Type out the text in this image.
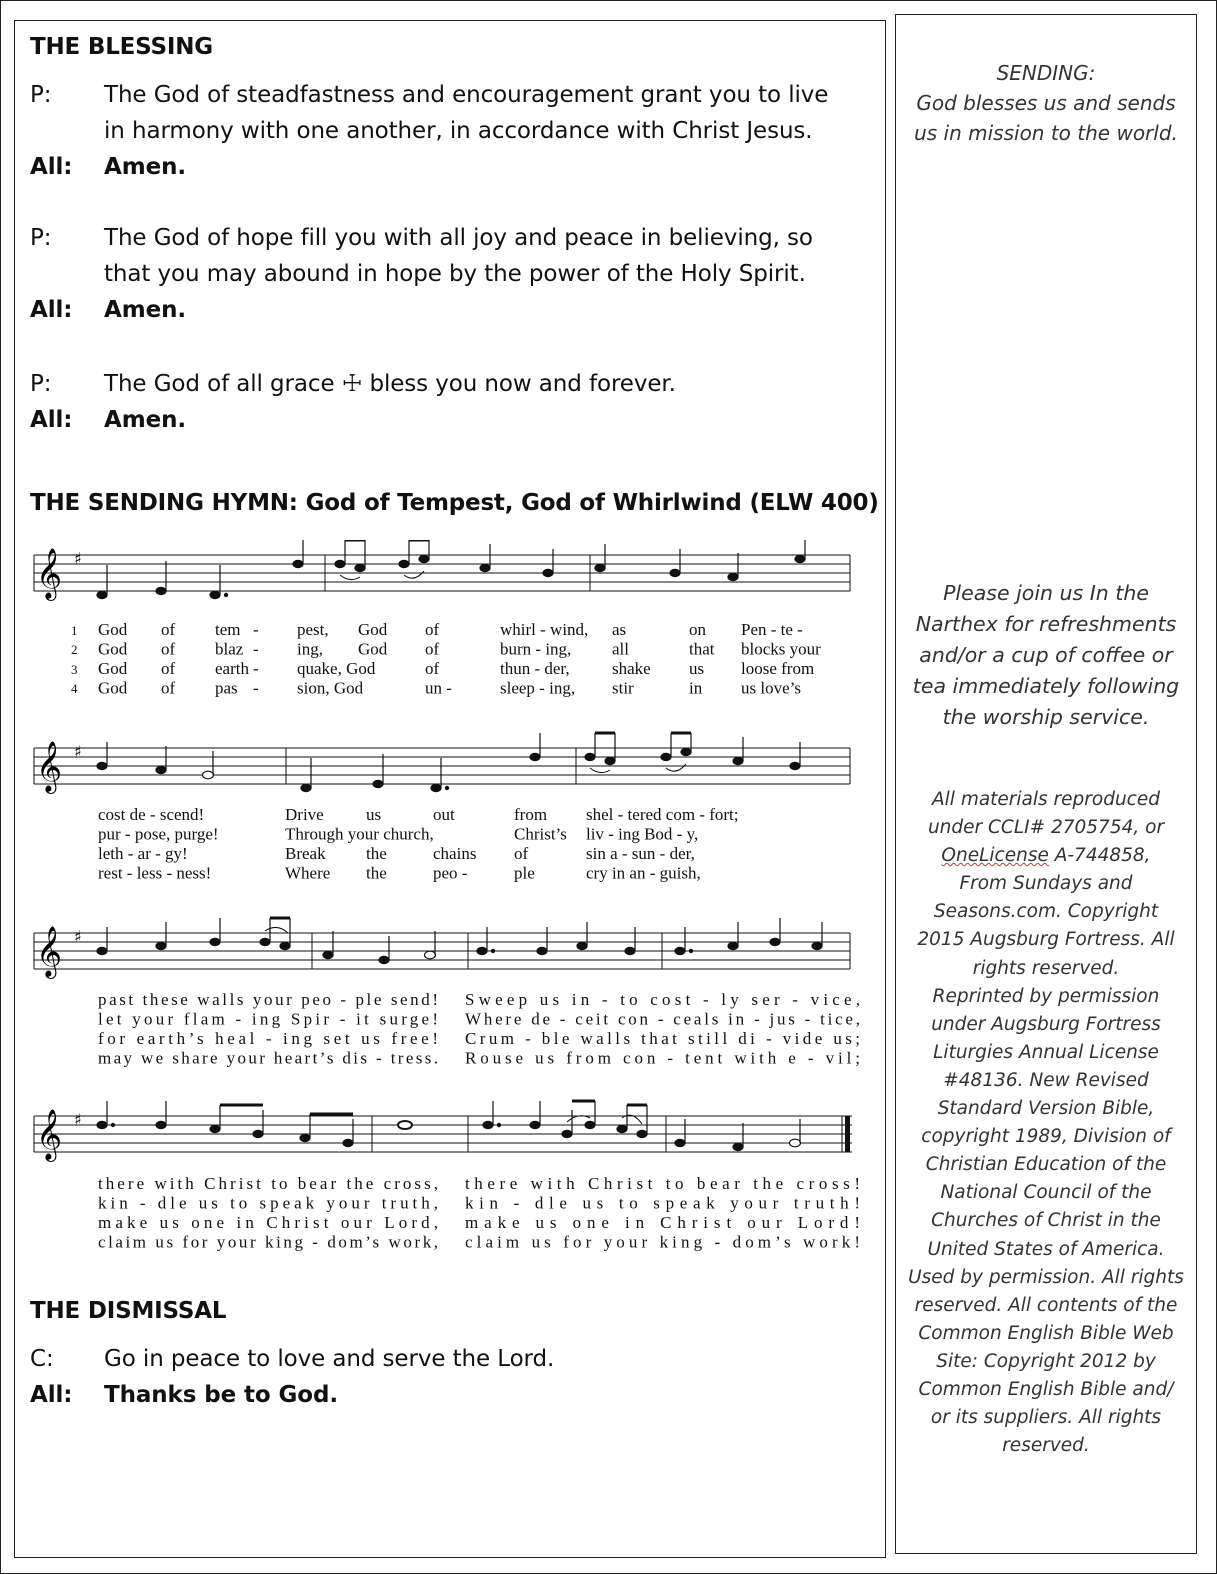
THE BLESSING
P: The God of steadfastness and encouragement grant you to live
in harmony with one another, in accordance with Christ Jesus.
All: Amen.
P: The God of hope fill you with all joy and peace in believing, so
that you may abound in hope by the power of the Holy Spirit.
All: Amen.
P: The God of all grace ☩ bless you now and forever.
All: Amen.
THE SENDING HYMN: God of Tempest, God of Whirlwind (ELW 400)
𝄞 ♯
1
2
3
4
God of tem - pest, God of	whirl - wind, as	on Pen - te -
God of blaz - ing, God of	burn - ing, all	that blocks your
God of earth - quake, God	of	thun - der, shake us loose from
God of pas - sion, God	un -	sleep - ing, stir	in us love’s
𝄞 ♯
cost de - scend!	Drive us	out	from shel - tered com - fort;
pur - pose, purge!	Through your church,	Christ’s liv - ing Bod - y,
leth - ar - gy!	Break the	chains of	sin a - sun - der,
rest - less - ness!	Where the	peo -	ple	cry in an - guish,
𝄞 ♯
past these walls your peo - ple send! Sweep us in - to cost - ly ser - vice,
let your flam - ing Spir - it surge! Where de - ceit con - ceals in - jus - tice,
for earth’s heal - ing set us free! Crum - ble walls that still di - vide us;
may we share your heart’s dis - tress. Rouse us from con - tent with e - vil;
𝄞 ♯
there with Christ to bear the cross, there with Christ to bear the cross!
kin - dle us to speak your truth, kin - dle us to speak your truth!
make us one in Christ our Lord, make us one in Christ our Lord!
claim us for your king - dom’s work, claim us for your king - dom’s work!
THE DISMISSAL
C: Go in peace to love and serve the Lord.
All: Thanks be to God.
SENDING:
God blesses us and sends
us in mission to the world.
Please join us In the
Narthex for refreshments
and/or a cup of coffee or
tea immediately following
the worship service.
All materials reproduced
under CCLI# 2705754, or
OneLicense A-744858,
From Sundays and
Seasons.com. Copyright
2015 Augsburg Fortress. All
rights reserved.
Reprinted by permission
under Augsburg Fortress
Liturgies Annual License
#48136. New Revised
Standard Version Bible,
copyright 1989, Division of
Christian Education of the
National Council of the
Churches of Christ in the
United States of America.
Used by permission. All rights
reserved. All contents of the
Common English Bible Web
Site: Copyright 2012 by
Common English Bible and/
or its suppliers. All rights
reserved.
